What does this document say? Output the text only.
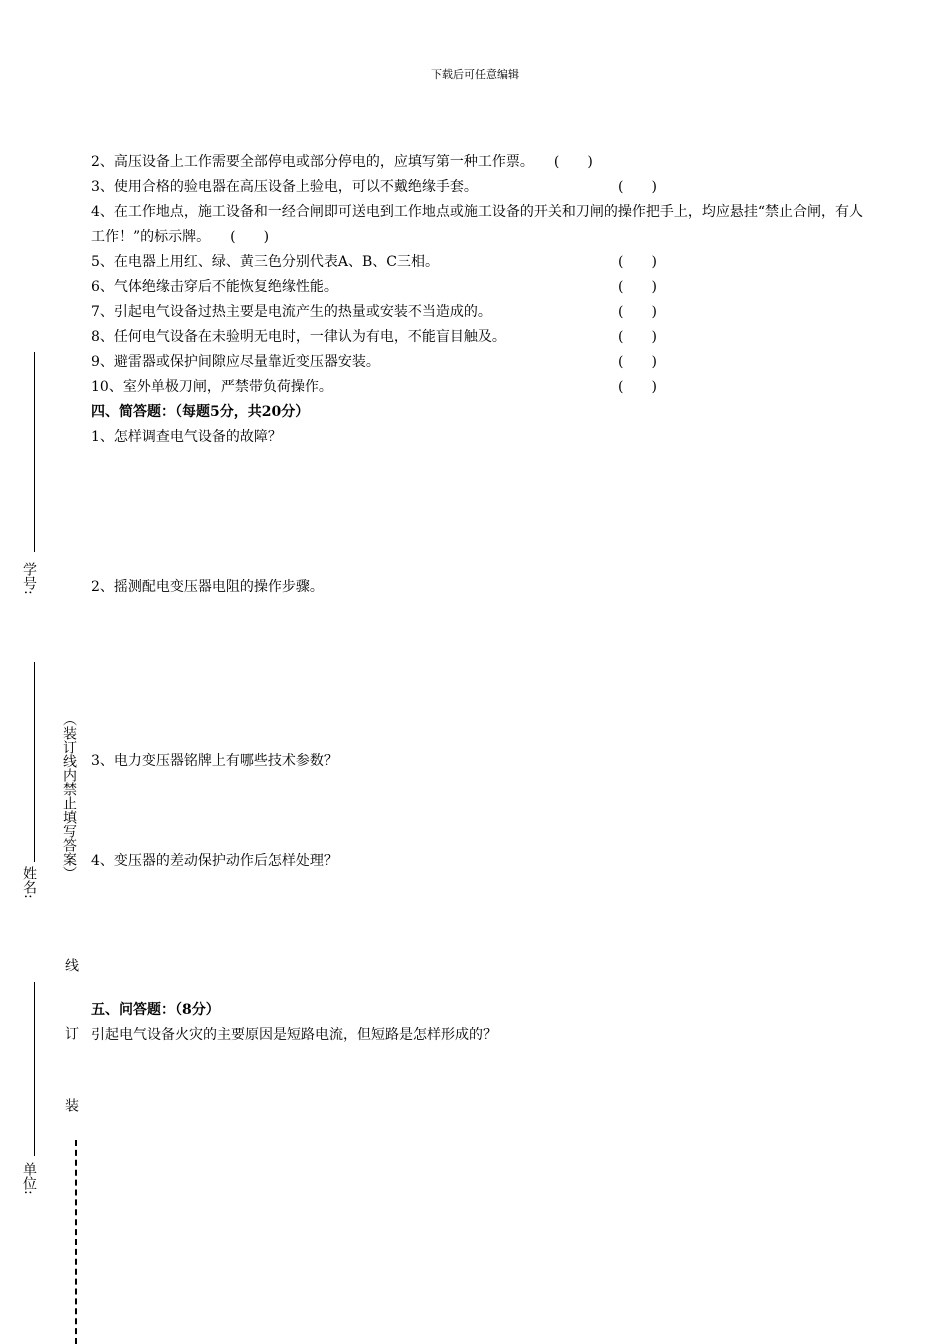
下载后可任意编辑
2、高压设备上工作需要全部停电或部分停电的，应填写第一种工作票。 (　　)
3、使用合格的验电器在高压设备上验电，可以不戴绝缘手套。	(　　)
4、在工作地点，施工设备和一经合闸即可送电到工作地点或施工设备的开关和刀闸的操作把手上，均应悬挂“禁止合闸，有人工作！”的标示牌。 (　　)
5、在电器上用红、绿、黄三色分别代表A、B、C三相。	(　　)
6、气体绝缘击穿后不能恢复绝缘性能。	(　　)
7、引起电气设备过热主要是电流产生的热量或安装不当造成的。	(　　)
8、任何电气设备在未验明无电时，一律认为有电，不能盲目触及。	(　　)
9、避雷器或保护间隙应尽量靠近变压器安装。	(　　)
10、室外单极刀闸，严禁带负荷操作。	(　　)
四、简答题：（每题5分，共20分）
1、怎样调查电气设备的故障？
2、摇测配电变压器电阻的操作步骤。
3、电力变压器铭牌上有哪些技术参数？
4、变压器的差动保护动作后怎样处理？
五、问答题：（8分）
引起电气设备火灾的主要原因是短路电流，但短路是怎样形成的？
学号:
姓名:
单位:
（装订线内禁止填写答案）
线
订
装
